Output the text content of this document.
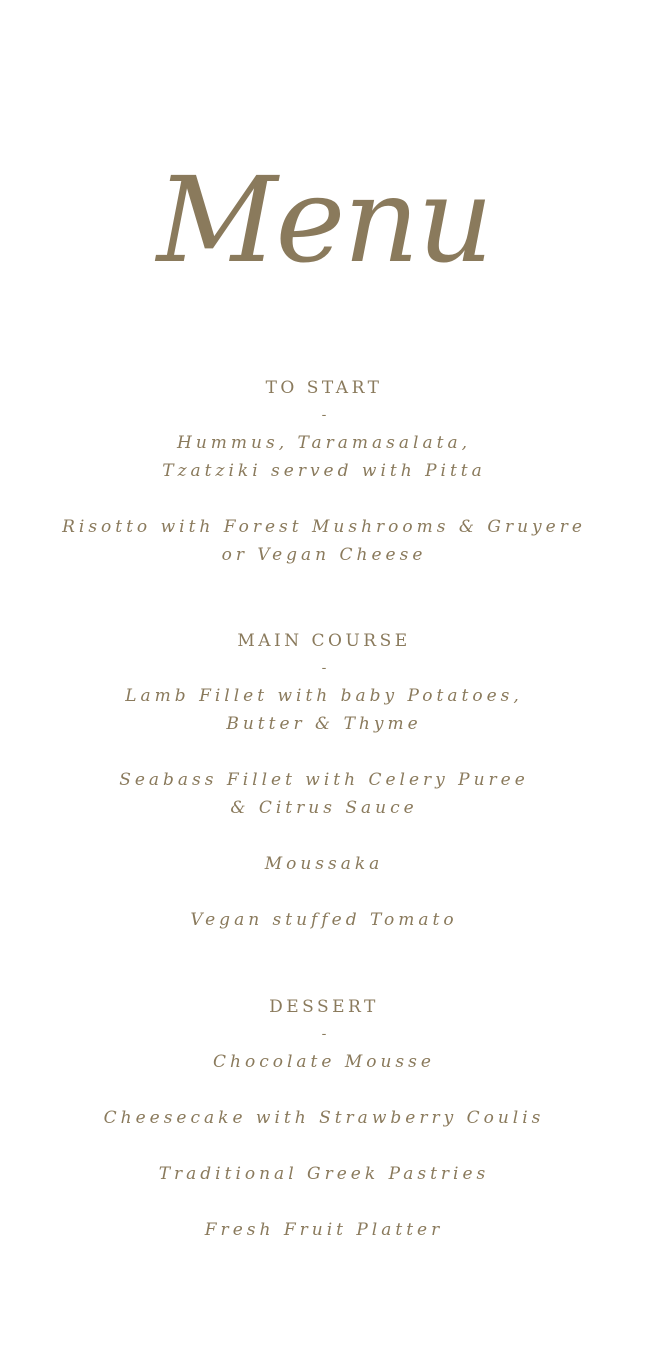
Menu
TO START
-
Hummus, Taramasalata,
Tzatziki served with Pitta
Risotto with Forest Mushrooms & Gruyere
or Vegan Cheese
MAIN COURSE
-
Lamb Fillet with baby Potatoes,
Butter & Thyme
Seabass Fillet with Celery Puree
& Citrus Sauce
Moussaka
Vegan stuffed Tomato
DESSERT
-
Chocolate Mousse
Cheesecake with Strawberry Coulis
Traditional Greek Pastries
Fresh Fruit Platter
